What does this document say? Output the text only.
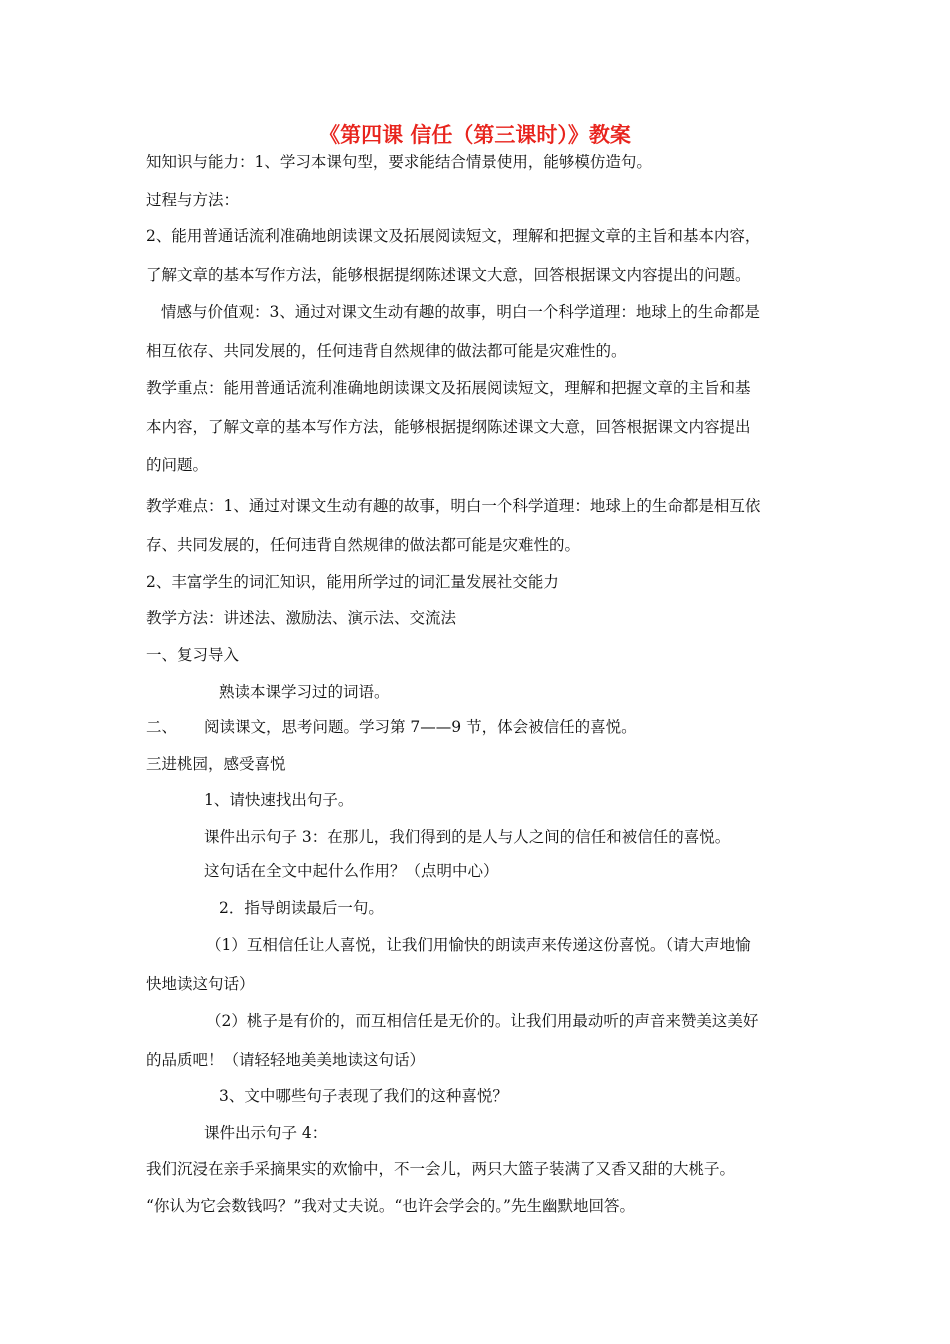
《第四课 信任（第三课时）》教案
知知识与能力：1、学习本课句型，要求能结合情景使用，能够模仿造句。
过程与方法：
2、能用普通话流利准确地朗读课文及拓展阅读短文，理解和把握文章的主旨和基本内容，
了解文章的基本写作方法，能够根据提纲陈述课文大意，回答根据课文内容提出的问题。
情感与价值观：3、通过对课文生动有趣的故事，明白一个科学道理：地球上的生命都是
相互依存、共同发展的，任何违背自然规律的做法都可能是灾难性的。
教学重点：能用普通话流利准确地朗读课文及拓展阅读短文，理解和把握文章的主旨和基
本内容，了解文章的基本写作方法，能够根据提纲陈述课文大意，回答根据课文内容提出
的问题。
教学难点：1、通过对课文生动有趣的故事，明白一个科学道理：地球上的生命都是相互依
存、共同发展的，任何违背自然规律的做法都可能是灾难性的。
2、丰富学生的词汇知识，能用所学过的词汇量发展社交能力
教学方法：讲述法、激励法、演示法、交流法
一、复习导入
熟读本课学习过的词语。
二、 阅读课文，思考问题。学习第 7——9 节，体会被信任的喜悦。
三进桃园，感受喜悦
1、请快速找出句子。
课件出示句子 3：在那儿，我们得到的是人与人之间的信任和被信任的喜悦。
这句话在全文中起什么作用？（点明中心）
2．指导朗读最后一句。
（1）互相信任让人喜悦，让我们用愉快的朗读声来传递这份喜悦。（请大声地愉
快地读这句话）
（2）桃子是有价的，而互相信任是无价的。让我们用最动听的声音来赞美这美好
的品质吧！（请轻轻地美美地读这句话）
3、文中哪些句子表现了我们的这种喜悦？
课件出示句子 4：
我们沉浸在亲手采摘果实的欢愉中，不一会儿，两只大篮子装满了又香又甜的大桃子。
“你认为它会数钱吗？”我对丈夫说。“也许会学会的。”先生幽默地回答。
